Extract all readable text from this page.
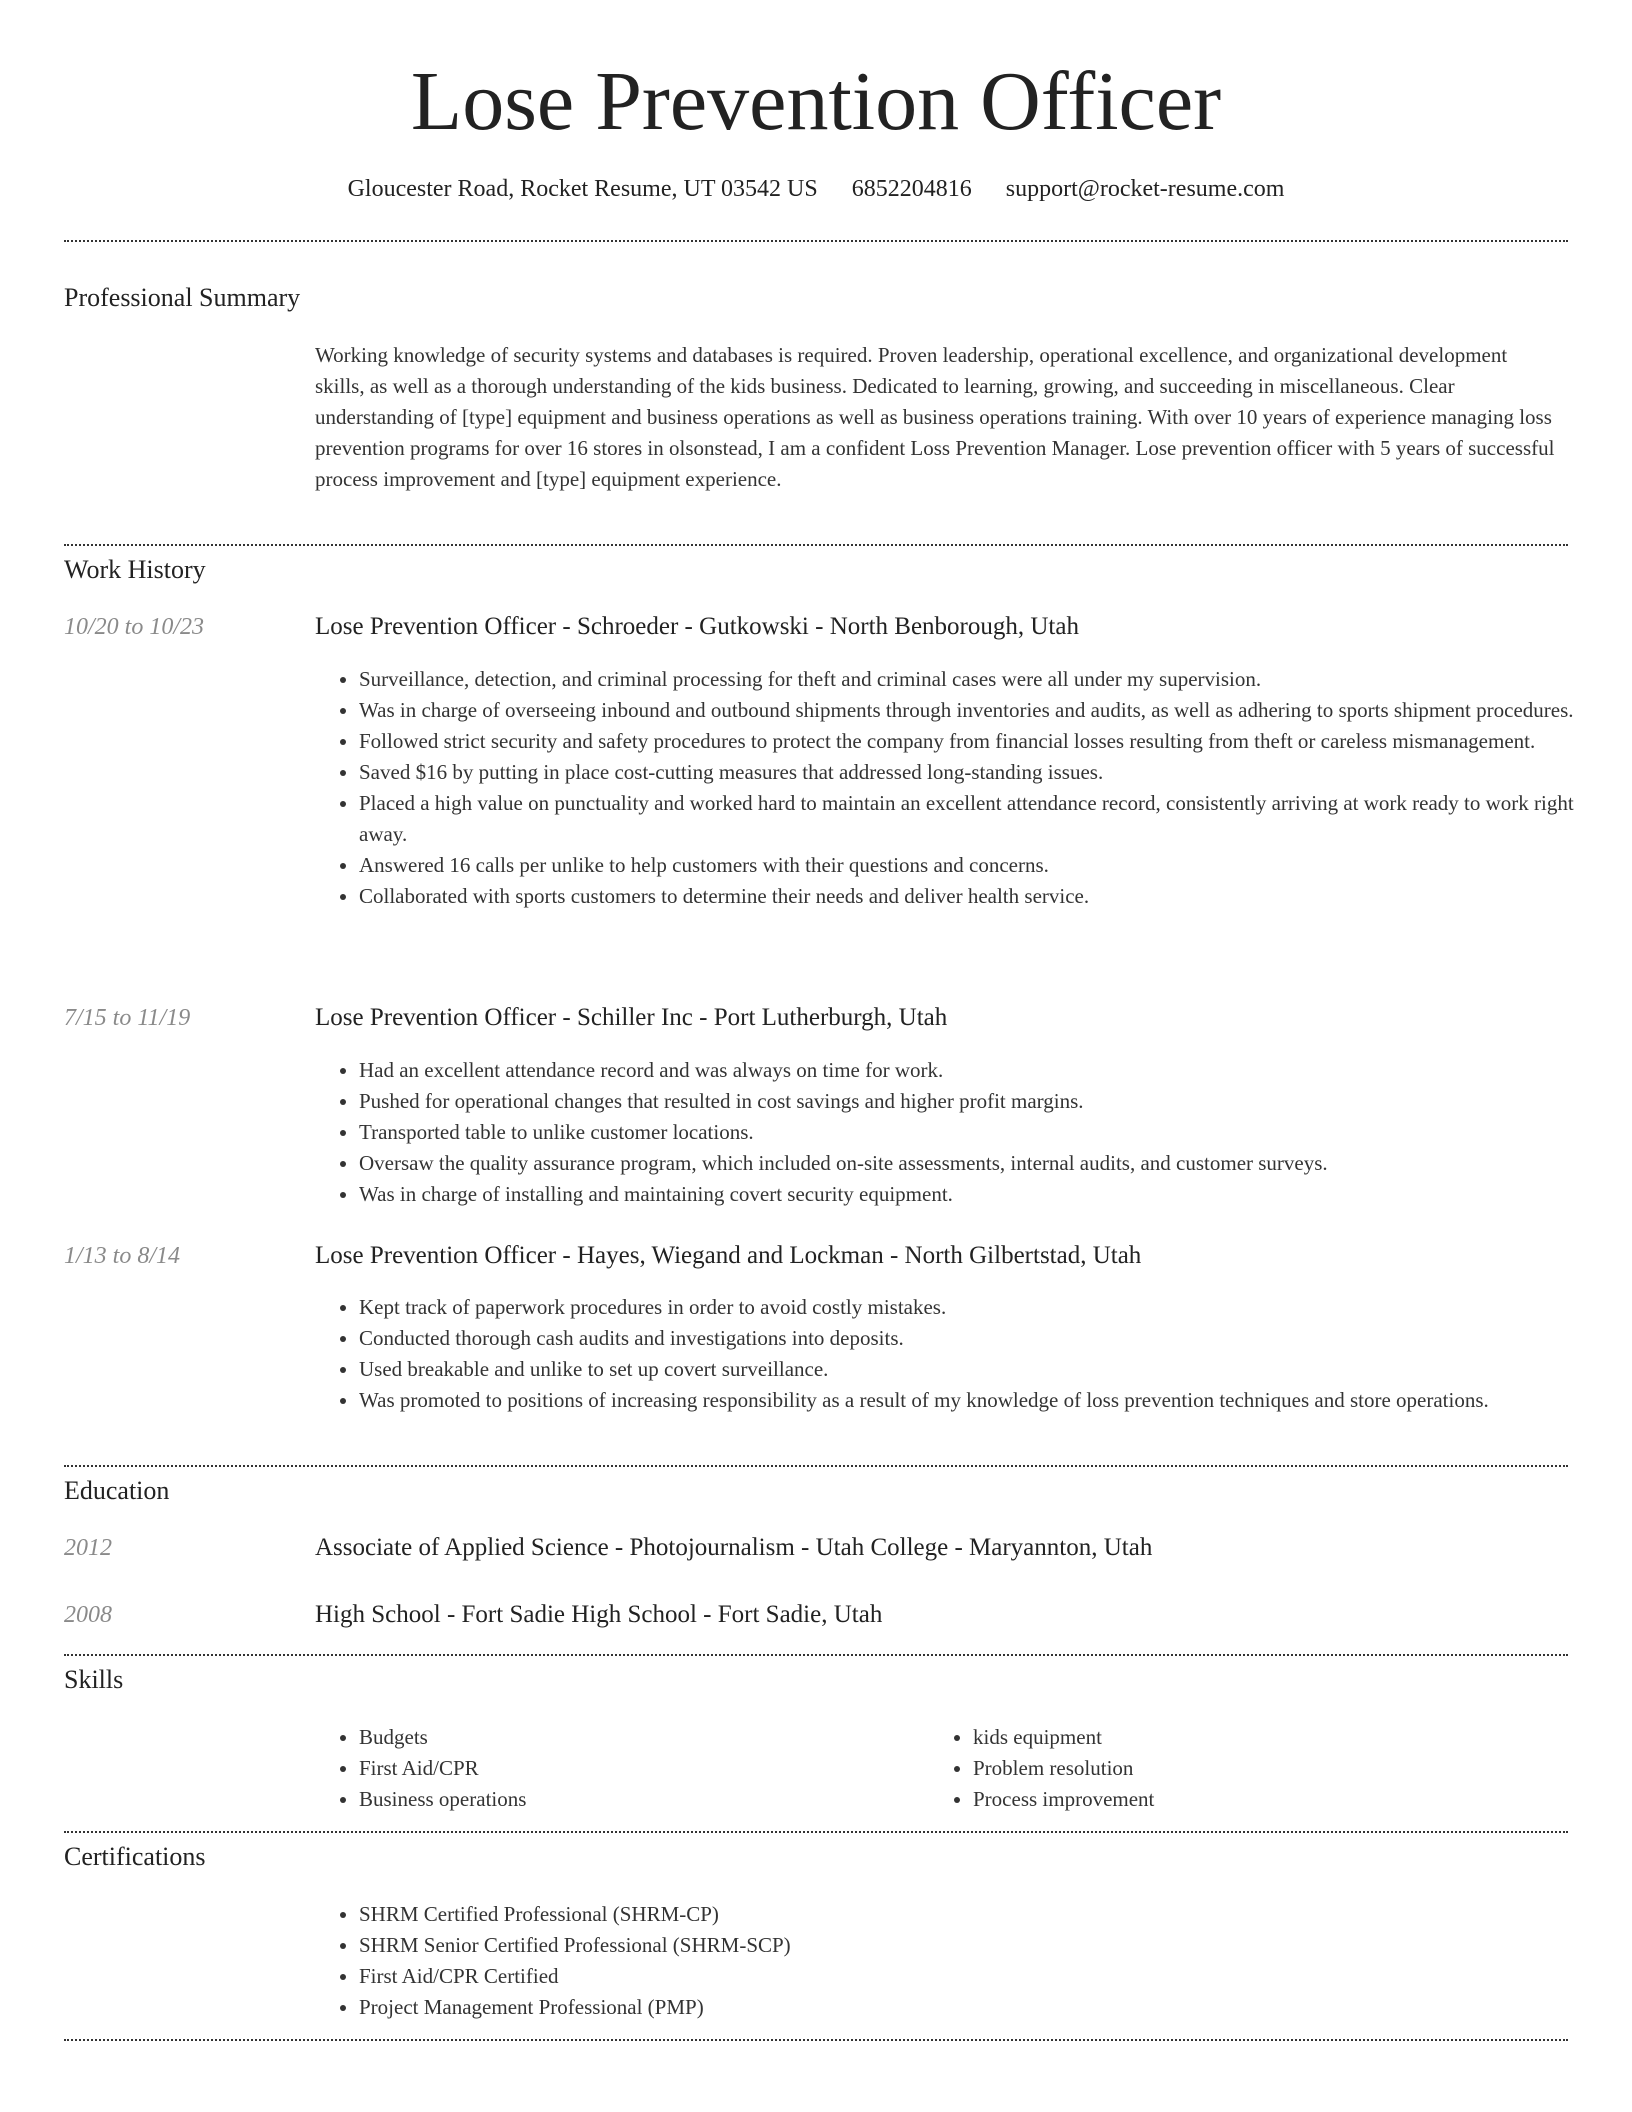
Lose Prevention Officer
Gloucester Road, Rocket Resume, UT 03542 US 6852204816 support@rocket-resume.com
Professional Summary
Working knowledge of security systems and databases is required. Proven leadership, operational excellence, and organizational development skills, as well as a thorough understanding of the kids business. Dedicated to learning, growing, and succeeding in miscellaneous. Clear understanding of [type] equipment and business operations as well as business operations training. With over 10 years of experience managing loss prevention programs for over 16 stores in olsonstead, I am a confident Loss Prevention Manager. Lose prevention officer with 5 years of successful process improvement and [type] equipment experience.
Work History
10/20 to 10/23	Lose Prevention Officer - Schroeder - Gutkowski - North Benborough, Utah
• Surveillance, detection, and criminal processing for theft and criminal cases were all under my supervision.
• Was in charge of overseeing inbound and outbound shipments through inventories and audits, as well as adhering to sports shipment procedures.
• Followed strict security and safety procedures to protect the company from financial losses resulting from theft or careless mismanagement.
• Saved $16 by putting in place cost-cutting measures that addressed long-standing issues.
• Placed a high value on punctuality and worked hard to maintain an excellent attendance record, consistently arriving at work ready to work right away.
• Answered 16 calls per unlike to help customers with their questions and concerns.
• Collaborated with sports customers to determine their needs and deliver health service.
7/15 to 11/19	Lose Prevention Officer - Schiller Inc - Port Lutherburgh, Utah
• Had an excellent attendance record and was always on time for work.
• Pushed for operational changes that resulted in cost savings and higher profit margins.
• Transported table to unlike customer locations.
• Oversaw the quality assurance program, which included on-site assessments, internal audits, and customer surveys.
• Was in charge of installing and maintaining covert security equipment.
1/13 to 8/14	Lose Prevention Officer - Hayes, Wiegand and Lockman - North Gilbertstad, Utah
• Kept track of paperwork procedures in order to avoid costly mistakes.
• Conducted thorough cash audits and investigations into deposits.
• Used breakable and unlike to set up covert surveillance.
• Was promoted to positions of increasing responsibility as a result of my knowledge of loss prevention techniques and store operations.
Education
2012	Associate of Applied Science - Photojournalism - Utah College - Maryannton, Utah
2008	High School - Fort Sadie High School - Fort Sadie, Utah
Skills
• Budgets
• First Aid/CPR
• Business operations
• kids equipment
• Problem resolution
• Process improvement
Certifications
• SHRM Certified Professional (SHRM-CP)
• SHRM Senior Certified Professional (SHRM-SCP)
• First Aid/CPR Certified
• Project Management Professional (PMP)
